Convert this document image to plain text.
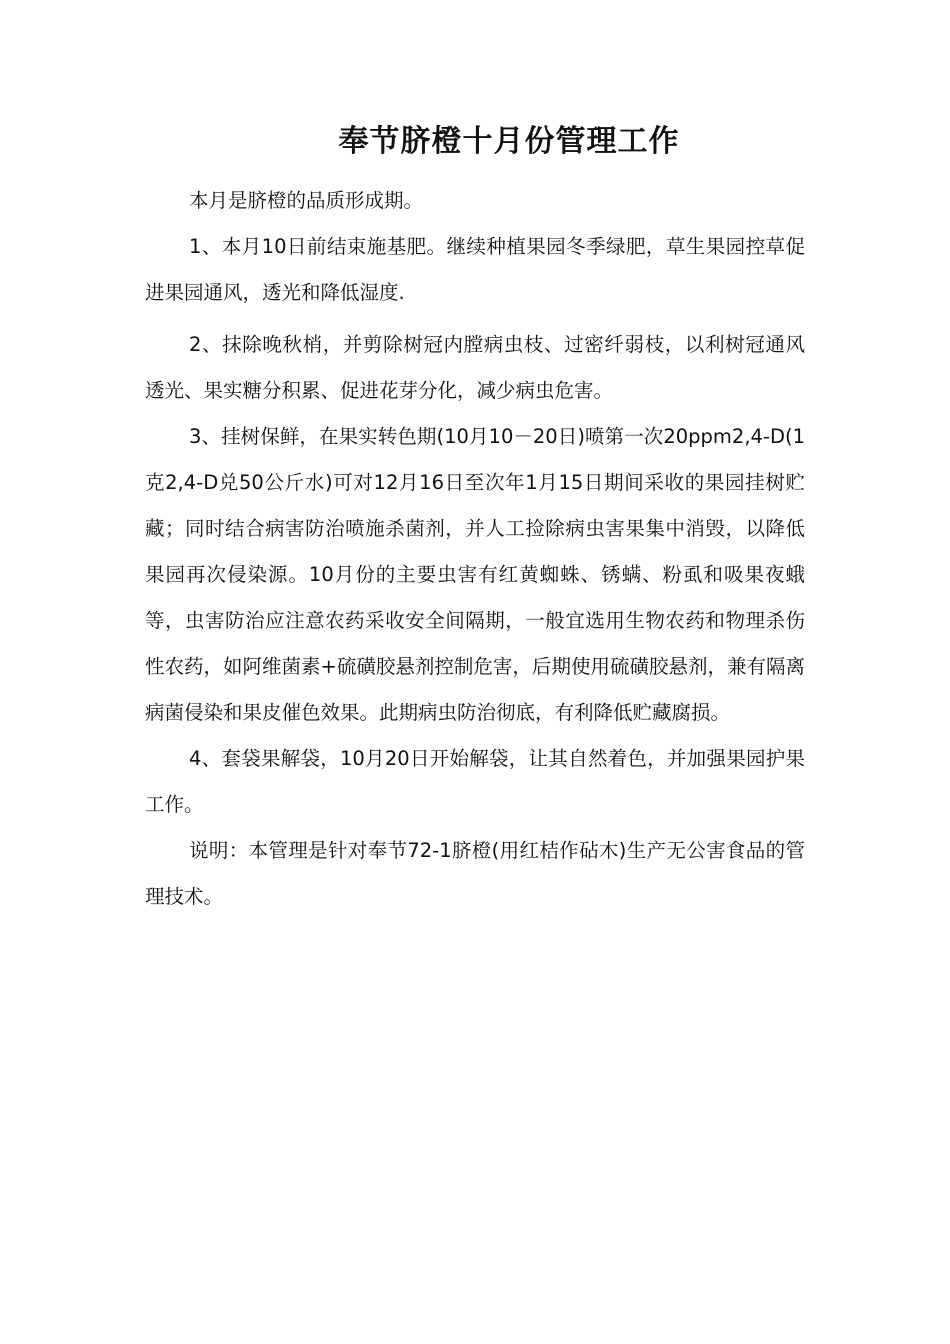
奉节脐橙十月份管理工作

本月是脐橙的品质形成期。

1、本月10日前结束施基肥。继续种植果园冬季绿肥，草生果园控草促进果园通风，透光和降低湿度.

2、抹除晚秋梢，并剪除树冠内膛病虫枝、过密纤弱枝，以利树冠通风透光、果实糖分积累、促进花芽分化，减少病虫危害。

3、挂树保鲜，在果实转色期(10月10－20日)喷第一次20ppm2,4-D(1克2,4-D兑50公斤水)可对12月16日至次年1月15日期间采收的果园挂树贮藏；同时结合病害防治喷施杀菌剂，并人工捡除病虫害果集中消毁，以降低果园再次侵染源。10月份的主要虫害有红黄蜘蛛、锈螨、粉虱和吸果夜蛾等，虫害防治应注意农药采收安全间隔期，一般宜选用生物农药和物理杀伤性农药，如阿维菌素+硫磺胶悬剂控制危害，后期使用硫磺胶悬剂，兼有隔离病菌侵染和果皮催色效果。此期病虫防治彻底，有利降低贮藏腐损。

4、套袋果解袋，10月20日开始解袋，让其自然着色，并加强果园护果工作。

说明：本管理是针对奉节72-1脐橙(用红桔作砧木)生产无公害食品的管理技术。
